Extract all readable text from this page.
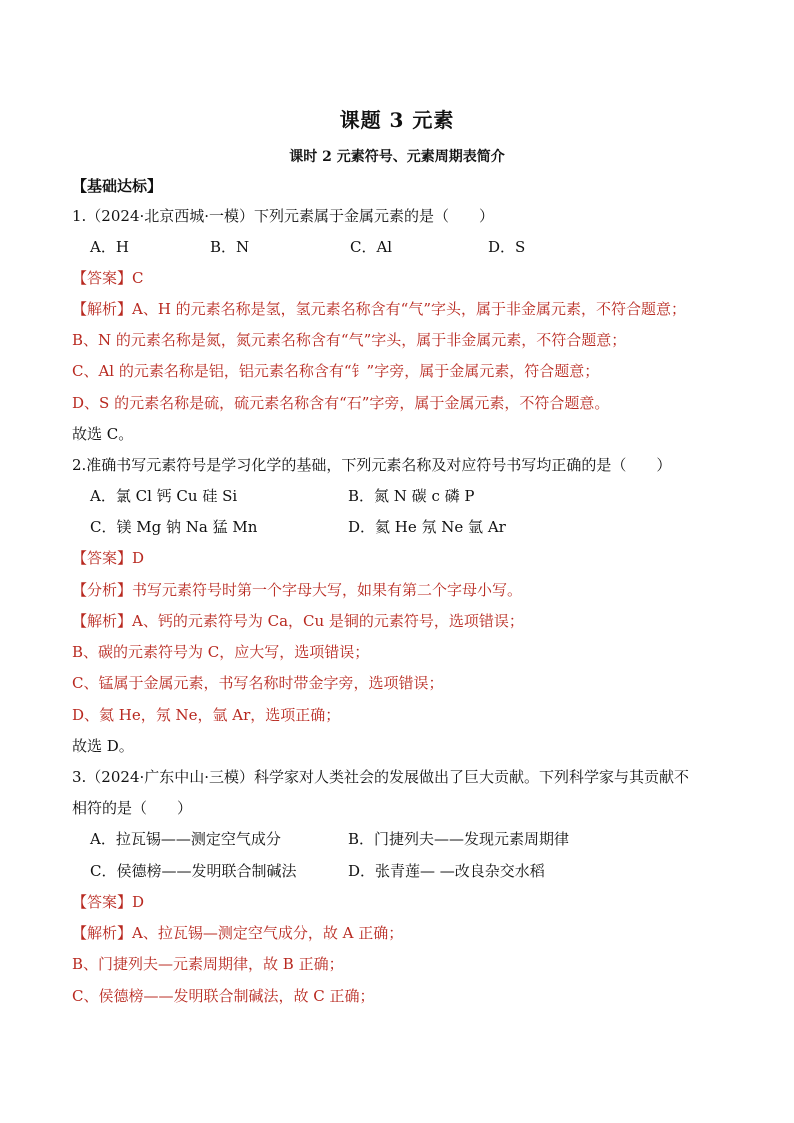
课题 3 元素
课时 2 元素符号、元素周期表简介
【基础达标】
1.（2024·北京西城·一模）下列元素属于金属元素的是（　　）
A．H	B．N	C．Al	D．S
【答案】C
【解析】A、H 的元素名称是氢，氢元素名称含有“气”字头，属于非金属元素，不符合题意；
B、N 的元素名称是氮，氮元素名称含有“气”字头，属于非金属元素，不符合题意；
C、Al 的元素名称是铝，铝元素名称含有“钅”字旁，属于金属元素，符合题意；
D、S 的元素名称是硫，硫元素名称含有“石”字旁，属于金属元素，不符合题意。
故选 C。
2.准确书写元素符号是学习化学的基础，下列元素名称及对应符号书写均正确的是（　　）
A．氯 Cl 钙 Cu 硅 Si	B．氮 N 碳 c 磷 P
C．镁 Mg 钠 Na 猛 Mn	D．氦 He 氖 Ne 氩 Ar
【答案】D
【分析】书写元素符号时第一个字母大写，如果有第二个字母小写。
【解析】A、钙的元素符号为 Ca，Cu 是铜的元素符号，选项错误；
B、碳的元素符号为 C，应大写，选项错误；
C、锰属于金属元素，书写名称时带金字旁，选项错误；
D、氦 He，氖 Ne，氩 Ar，选项正确；
故选 D。
3.（2024·广东中山·三模）科学家对人类社会的发展做出了巨大贡献。下列科学家与其贡献不
相符的是（　　）
A．拉瓦锡——测定空气成分	B．门捷列夫——发现元素周期律
C．侯德榜——发明联合制碱法	D．张青莲— —改良杂交水稻
【答案】D
【解析】A、拉瓦锡—测定空气成分，故 A 正确；
B、门捷列夫—元素周期律，故 B 正确；
C、侯德榜——发明联合制碱法，故 C 正确；
